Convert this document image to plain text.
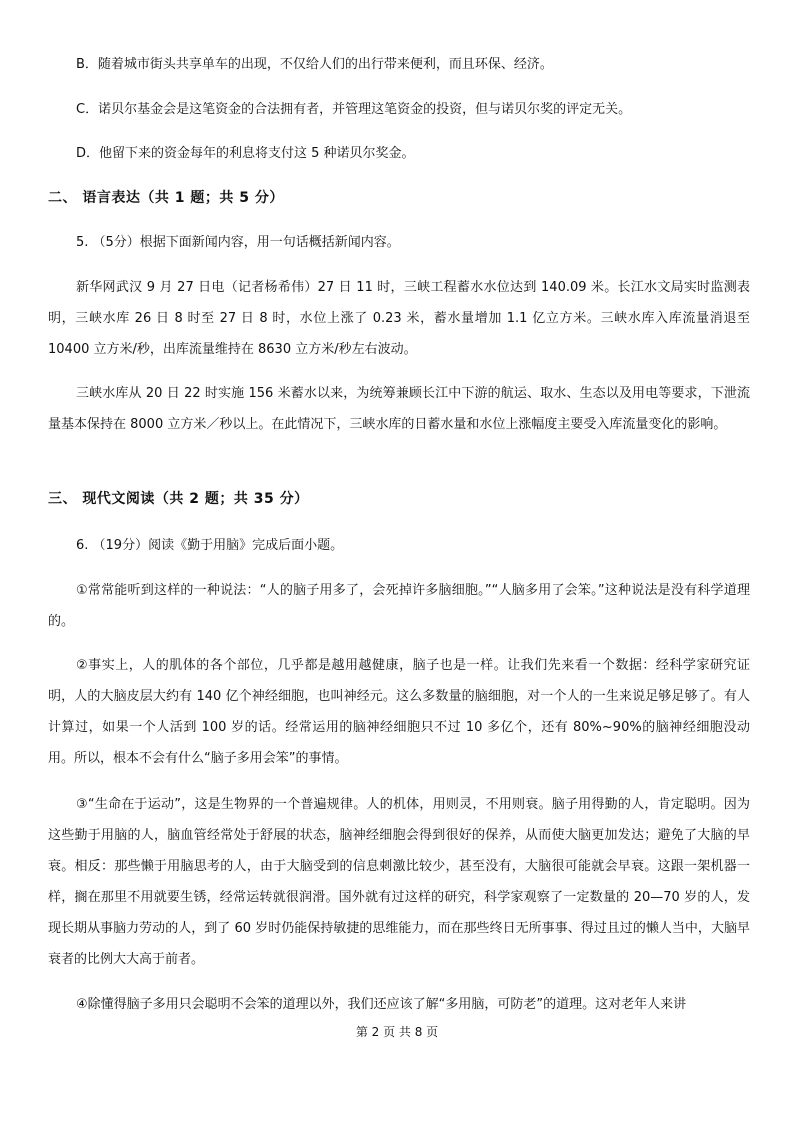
B．随着城市街头共享单车的出现，不仅给人们的出行带来便利，而且环保、经济。
C．诺贝尔基金会是这笔资金的合法拥有者，并管理这笔资金的投资，但与诺贝尔奖的评定无关。
D．他留下来的资金每年的利息将支付这 5 种诺贝尔奖金。
二、 语言表达（共 1 题；共 5 分）
5. （5分）根据下面新闻内容，用一句话概括新闻内容。

新华网武汉 9 月 27 日电（记者杨希伟）27 日 11 时，三峡工程蓄水水位达到 140.09 米。长江水文局实时监测表明，三峡水库 26 日 8 时至 27 日 8 时，水位上涨了 0.23 米，蓄水量增加 1.1 亿立方米。三峡水库入库流量消退至 10400 立方米/秒，出库流量维持在 8630 立方米/秒左右波动。

三峡水库从 20 日 22 时实施 156 米蓄水以来，为统筹兼顾长江中下游的航运、取水、生态以及用电等要求，下泄流量基本保持在 8000 立方米／秒以上。在此情况下，三峡水库的日蓄水量和水位上涨幅度主要受入库流量变化的影响。

三、 现代文阅读（共 2 题；共 35 分）
6. （19分）阅读《勤于用脑》完成后面小题。

①常常能听到这样的一种说法：“人的脑子用多了，会死掉许多脑细胞。”“人脑多用了会笨。”这种说法是没有科学道理的。

②事实上，人的肌体的各个部位，几乎都是越用越健康，脑子也是一样。让我们先来看一个数据：经科学家研究证明，人的大脑皮层大约有 140 亿个神经细胞，也叫神经元。这么多数量的脑细胞，对一个人的一生来说足够足够了。有人计算过，如果一个人活到 100 岁的话。经常运用的脑神经细胞只不过 10 多亿个，还有 80%~90%的脑神经细胞没动用。所以，根本不会有什么“脑子多用会笨”的事情。

③“生命在于运动”，这是生物界的一个普遍规律。人的机体，用则灵，不用则衰。脑子用得勤的人，肯定聪明。因为这些勤于用脑的人，脑血管经常处于舒展的状态，脑神经细胞会得到很好的保养，从而使大脑更加发达；避免了大脑的早衰。相反：那些懒于用脑思考的人，由于大脑受到的信息刺激比较少，甚至没有，大脑很可能就会早衰。这跟一架机器一样，搁在那里不用就要生锈，经常运转就很润滑。国外就有过这样的研究，科学家观察了一定数量的 20—70 岁的人，发现长期从事脑力劳动的人，到了 60 岁时仍能保持敏捷的思维能力，而在那些终日无所事事、得过且过的懒人当中，大脑早衰者的比例大大高于前者。

④除懂得脑子多用只会聪明不会笨的道理以外，我们还应该了解“多用脑，可防老”的道理。这对老年人来讲

第 2 页 共 8 页
